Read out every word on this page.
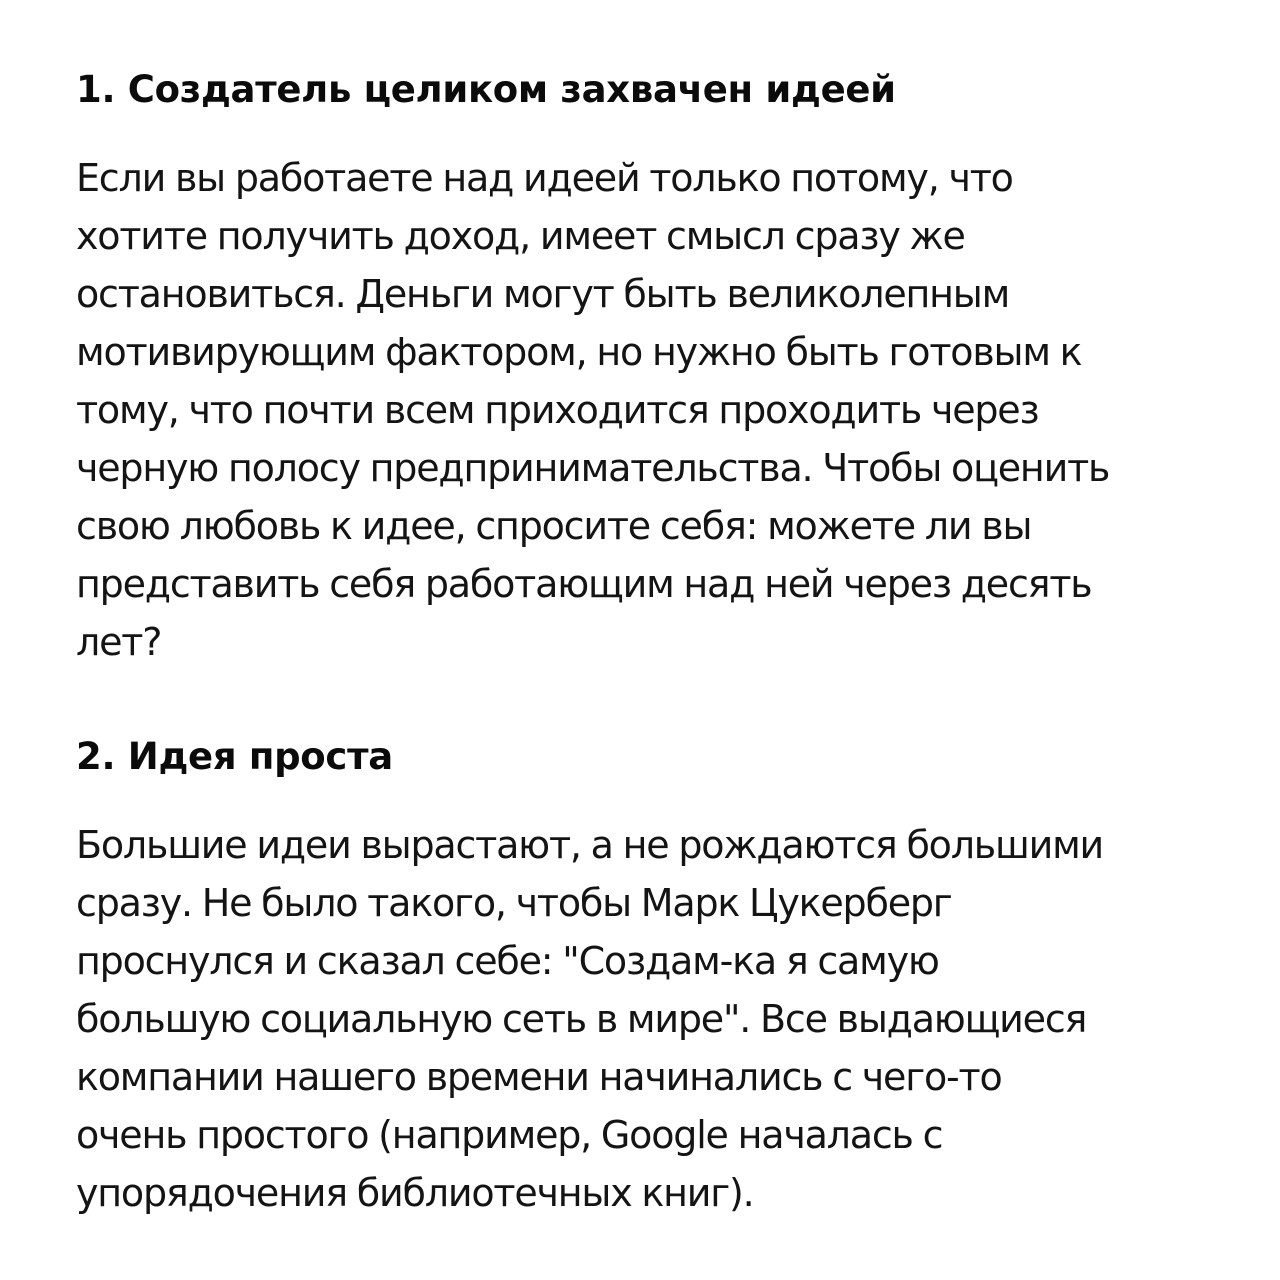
1. Создатель целиком захвачен идеей

Если вы работаете над идеей только потому, что
хотите получить доход, имеет смысл сразу же
остановиться. Деньги могут быть великолепным
мотивирующим фактором, но нужно быть готовым к
тому, что почти всем приходится проходить через
черную полосу предпринимательства. Чтобы оценить
свою любовь к идее, спросите себя: можете ли вы
представить себя работающим над ней через десять
лет?

2. Идея проста

Большие идеи вырастают, а не рождаются большими
сразу. Не было такого, чтобы Марк Цукерберг
проснулся и сказал себе: "Создам-ка я самую
большую социальную сеть в мире". Все выдающиеся
компании нашего времени начинались с чего-то
очень простого (например, Google началась с
упорядочения библиотечных книг).
